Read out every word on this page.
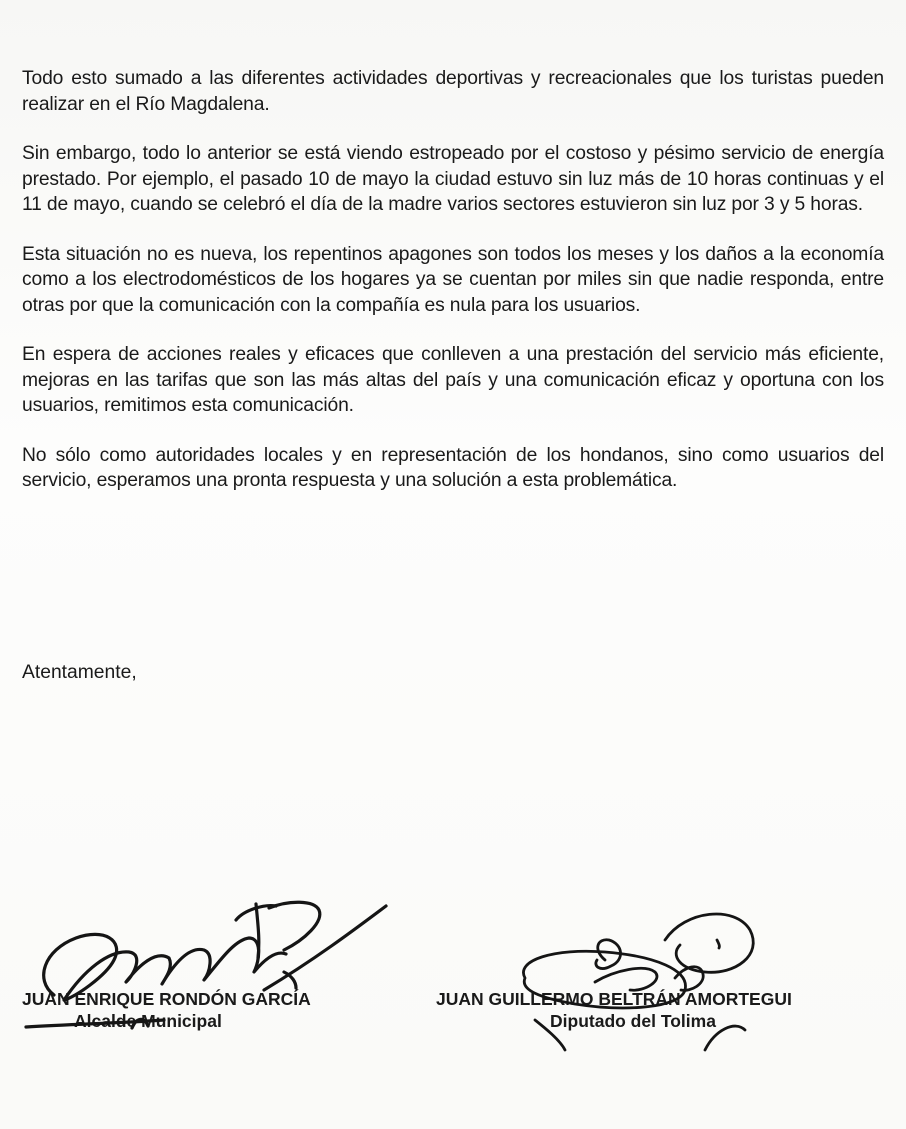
Todo esto sumado a las diferentes actividades deportivas y recreacionales que los turistas pueden realizar en el Río Magdalena.

Sin embargo, todo lo anterior se está viendo estropeado por el costoso y pésimo servicio de energía prestado. Por ejemplo, el pasado 10 de mayo la ciudad estuvo sin luz más de 10 horas continuas y el 11 de mayo, cuando se celebró el día de la madre varios sectores estuvieron sin luz por 3 y 5 horas.

Esta situación no es nueva, los repentinos apagones son todos los meses y los daños a la economía como a los electrodomésticos de los hogares ya se cuentan por miles sin que nadie responda, entre otras por que la comunicación con la compañía es nula para los usuarios.

En espera de acciones reales y eficaces que conlleven a una prestación del servicio más eficiente, mejoras en las tarifas que son las más altas del país y una comunicación eficaz y oportuna con los usuarios, remitimos esta comunicación.

No sólo como autoridades locales y en representación de los hondanos, sino como usuarios del servicio, esperamos una pronta respuesta y una solución a esta problemática.

Atentamente,

JUAN ENRIQUE RONDÓN GARCÍA

Alcalde Municipal

JUAN GUILLERMO BELTRÁN AMORTEGUI

Diputado del Tolima
